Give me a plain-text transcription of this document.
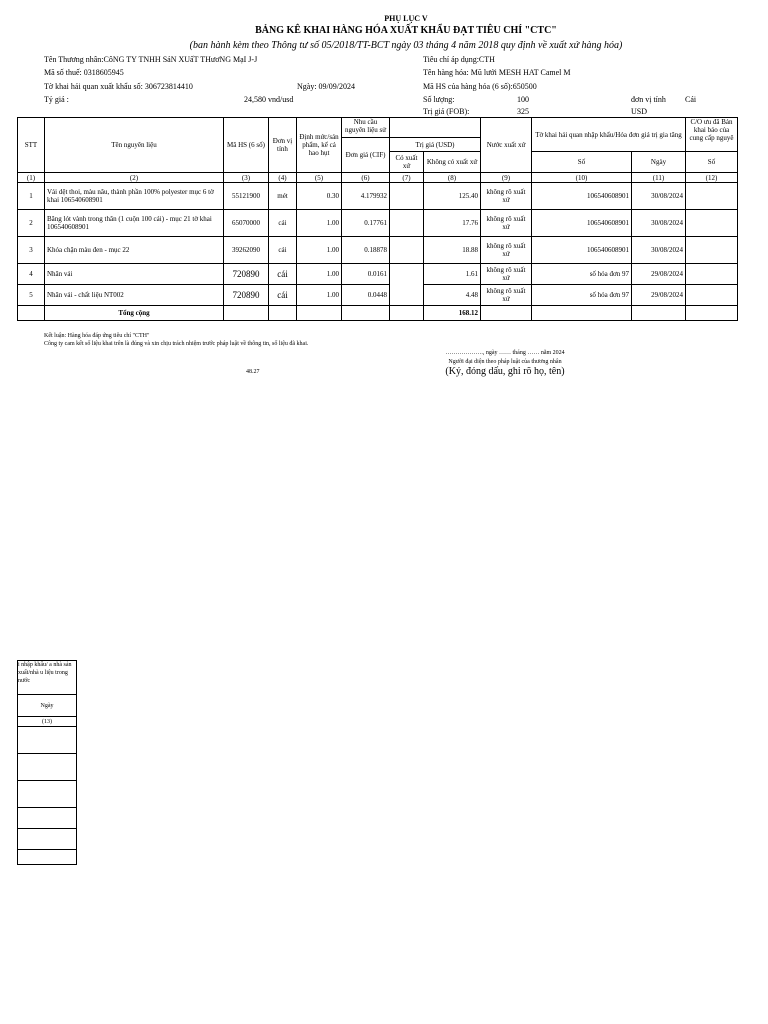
PHỤ LỤC V
BẢNG KÊ KHAI HÀNG HÓA XUẤT KHẨU ĐẠT TIÊU CHÍ "CTC"
(ban hành kèm theo Thông tư số 05/2018/TT-BCT ngày 03 tháng 4 năm 2018 quy định về xuất xứ hàng hóa)
Tên Thương nhân:CôNG TY TNHH SảN XUấT THươNG MạI J-J
Mã số thuế: 0318605945
Tờ khai hải quan xuất khẩu số: 306723814410	Ngày: 09/09/2024
Tỷ giá :	24,580 vnd/usd
Tiêu chí áp dụng:CTH
Tên hàng hóa: Mũ lưới MESH HAT Camel M
Mã HS của hàng hóa (6 số):650500
Số lượng:	100	đơn vị tính Cái
Trị giá (FOB):	325	USD
STT	Tên nguyên liệu	Mã HS (6 số)	Đơn vị tính	Định mức/sản phẩm, kể cả hao hụt	Nhu cầu nguyên liệu sử			Nước xuất xứ	Tờ khai hải quan nhập khẩu/Hóa đơn giá trị gia tăng		C/O ưu đã Bản khai báo của cung cấp nguyê
					Đơn giá (CIF)	Trị giá (USD)					
						Có xuất xứ	Không có xuất xứ		Số	Ngày	Số
(1)	(2)	(3)	(4)	(5)	(6)	(7)	(8)	(9)	(10)	(11)	(12)
1	Vải dệt thoi, màu nâu, thành phần 100% polyester mục 6 tờ khai 106540608901	55121900	mét	0.30	4.179932		125.40	không rõ xuất xứ	106540608901	30/08/2024	
2	Băng lót vành trong thân (1 cuộn 100 cái) - mục 21 tờ khai 106540608901	65070000	cái	1.00	0.17761		17.76	không rõ xuất xứ	106540608901	30/08/2024	
3	Khóa chặn màu đen - mục 22	39262090	cái	1.00	0.18878		18.88	không rõ xuất xứ	106540608901	30/08/2024	
4	Nhãn vải	720890	cái	1.00	0.0161		1.61	không rõ xuất xứ	số hóa đơn 97	29/08/2024	
5	Nhãn vải - chất liệu NT002	720890	cái	1.00	0.0448		4.48	không rõ xuất xứ	số hóa đơn 97	29/08/2024	
	Tổng cộng						168.12				
Kết luận: Hàng hóa đáp ứng tiêu chí "CTH"
Công ty cam kết số liệu khai trên là đúng và xin chịu trách nhiệm trước pháp luật về thông tin, số liệu đã khai.
48.27
………………., ngày …… tháng …… năm 2024
Người đại diện theo pháp luật của thương nhân
(Ký, đóng dấu, ghi rõ họ, tên)
i nhập khẩu/ a nhà sản xuất/nhà u liệu trong nước
Ngày
(13)
